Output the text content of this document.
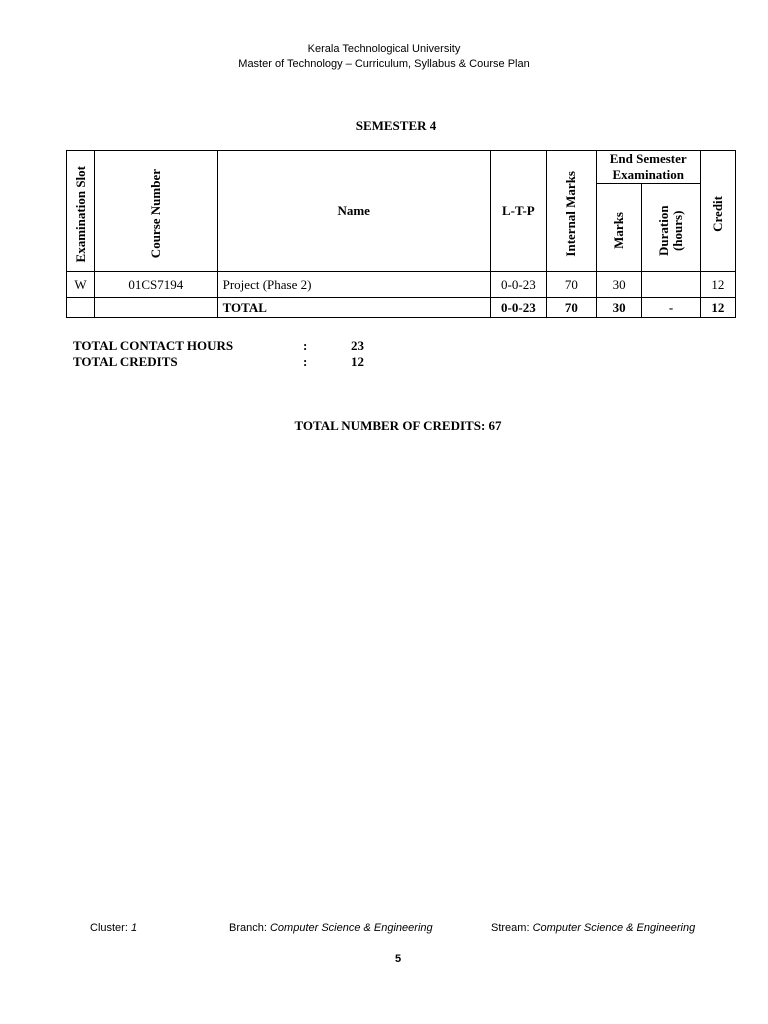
Kerala Technological University
Master of Technology – Curriculum, Syllabus & Course Plan
SEMESTER 4
Examination Slot	Course Number	Name	L-T-P	Internal Marks	End Semester Examination		Credit

					Marks	Duration (hours)	

W	01CS7194	Project (Phase 2)	0-0-23	70	30		12
		TOTAL	0-0-23	70	30	-	12
TOTAL CONTACT HOURS	:	23
TOTAL CREDITS	:	12
TOTAL NUMBER OF CREDITS: 67
Cluster: 1	Branch: Computer Science & Engineering	Stream: Computer Science & Engineering
5
